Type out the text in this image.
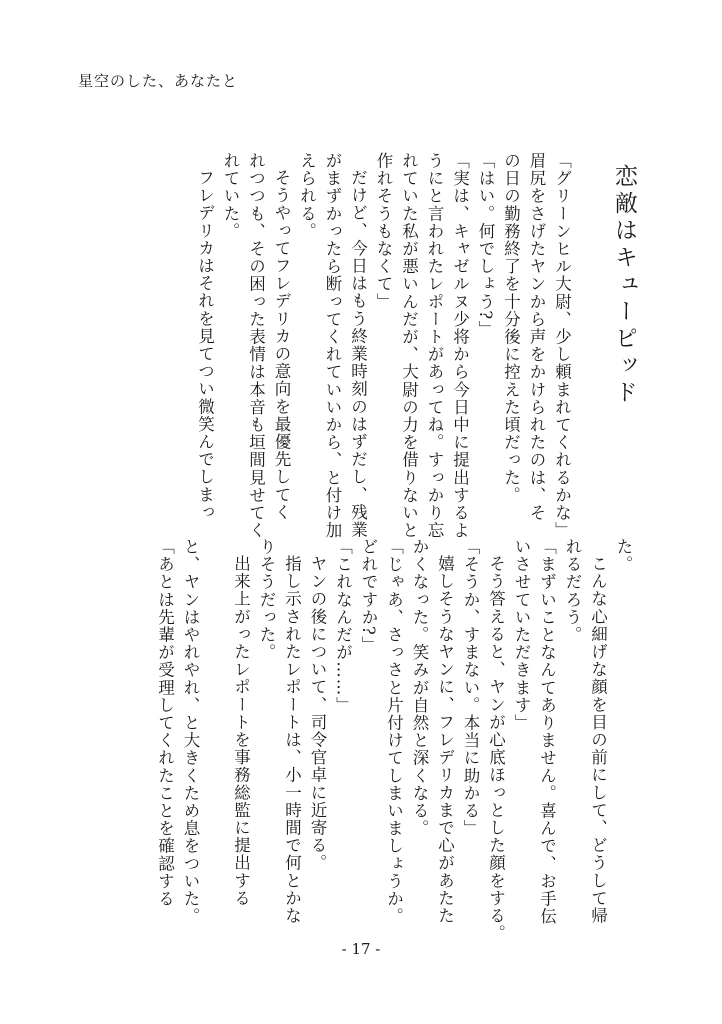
星空のした、あなたと

恋敵はキューピッド

「グリーンヒル大尉、少し頼まれてくれるかな」

眉尻をさげたヤンから声をかけられたのは、そ

の日の勤務終了を十分後に控えた頃だった。

「はい。何でしょう?」

「実は、キャゼルヌ少将から今日中に提出するよ

うにと言われたレポートがあってね。すっかり忘

れていた私が悪いんだが、大尉の力を借りないと

作れそうもなくて」

だけど、今日はもう終業時刻のはずだし、残業

がまずかったら断ってくれていいから、と付け加

えられる。

そうやってフレデリカの意向を最優先してく

れつつも、その困った表情は本音も垣間見せてく

れていた。

フレデリカはそれを見てつい微笑んでしまっ

た。

こんな心細げな顔を目の前にして、どうして帰

れるだろう。

「まずいことなんてありません。喜んで、お手伝

いさせていただきます」

そう答えると、ヤンが心底ほっとした顔をする。

「そうか、すまない。本当に助かる」

嬉しそうなヤンに、フレデリカまで心があたた

かくなった。笑みが自然と深くなる。

「じゃあ、さっさと片付けてしまいましょうか。

どれですか?」

「これなんだが……」

ヤンの後について、司令官卓に近寄る。

指し示されたレポートは、小一時間で何とかな

りそうだった。

出来上がったレポートを事務総監に提出する

と、ヤンはやれやれ、と大きくため息をついた。

「あとは先輩が受理してくれたことを確認する

- 17 -
